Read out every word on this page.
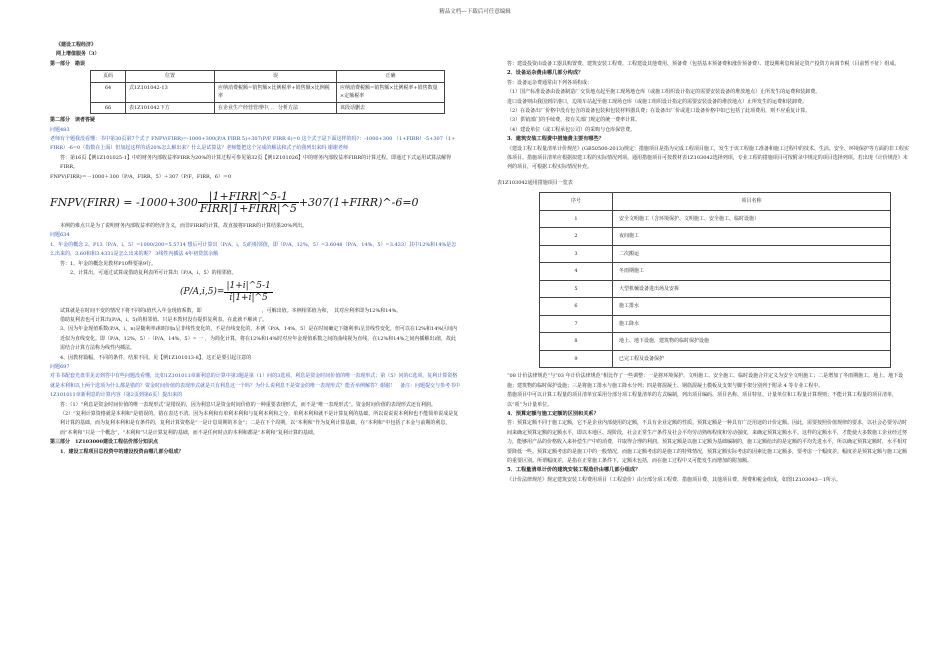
精品文档---下载后可任意编辑

《建设工程经济》

网上增值服务（3）

第一部分　勘误

页码	位置	误	正确
64	式1Z101042-13	应纳消费税额=销售额×比例税率+销售额×比例税率	应纳消费税额=销售额×比例税率+销售数量×定额税率
66	表1Z101042下方	在企业生产经营管理中，．．分析方法	该段话删去

第二部分　读者答疑

问题483

老师有个题我没看懂：书中第30页第7个式子 FNPV(FIRR)=-1000+300(P/A FIRR 5)+307(P/F FIRR 6)=0 这个式子是下面这样的吗?：-1000+300 （1+FIRR）-5+307（1+ FIRR）-6=0（指数在上面）但加起这样的话20%怎么解出来？什么是试算法？老师能把这个完成的解法和式子给我列出来吗 谢谢老师

答：第16页【例1Z101025-1】中的财务内部收益率FIRR为20%的计算过程可参见第32页【例1Z101026】中的财务内部收益率FIRR的计算过程。即通过下式运用试算法解得FIRR。

FNPV(FIRR)＝－1000＋300（P/A，FIRR，5）＋307（P/F，FIRR，6）＝0

FNPV ( FIRR ) = $-1000+300 \frac{\text{|1+FIRR|\textasciicircum{}5-1}}{\text{FIRR|1+FIRR|\textasciicircum{}5}}$ +307(1+FIRR)^-6=0

本例的难点只是为了说明财务内部收益率的经济含义，而非FIRR的计算，故直接将FIRR的计算结果20%列出。

问题634

1、年金的概念 2、P13（P/A，i，5）=1000/200=5.5714 想后可计算出（P/A，i，5)的相邻值，即（P/A，12%，5）=3.6048（P/A，14%，5）=3.433）其中12%和14%是怎么出来的，3.60和和3.4331是怎么出来的呢？ 3线性内插法 4年初贷款余额

答：1、年金的概念见教材P10释要第9行。

2、计算出，可通过试算或借助复利表所可计算出（P/A，i，5）的相邻值。

$(P/A,i,5)= \frac{|1+i|\^{}5-1}{i|1+i|\^{}5}$

试算就是在时间不变的情况下将不同的i值代入年金现值系数，即　　　　　　　　　　　　，可解出值。本例相邻值为和，　其对应利率即为12%和14%。

借助复利表也可计算出(P/A，i，5)的相邻值。只是本教材没有提供复利表。在此就不解读了。

3、因为年金现值系数(P/A，i，n)是随利率i和时间n呈非线性变化的，不是直线变化的，本例（P/A，14%，5）是在时间确定下随利率i呈非线性变化，但可以在12%和14%区间内近似为直线变化。即（P/A，12%，5）-（P/A，14%，5）= 一 ，为简化计算，将在12%和14%时对应年金现值系数之间的曲线视为直线，在12%和14%之间内插解出i值，故此需结合计算方法称为线性内插法。

4、因教材篇幅，不同的条件，结果不同。见【例1Z101013-8】，这正是要引起注意的

问题697

对书书配套光盘里见访到答中有些问题没看懂，比如1Z101011章新利息的计算中第3题是第（1）问的3选项，利息是资金时间价值的唯一表现形式；第（5）问的C选项，复利计算资格就是本利和以上两个选项为什么都是错的？资金时间价值的表现形式就是只有利息这一个吗？为什么说利息不是资金的唯一表现形式？能否举例解答？谢谢！　备注：问题提交与参考书中1Z101011章新利息的计算内容（第2页到第6页）提出来的

答：（1）“利息是资金时间价值的唯一表现形式”是错误的，因为利息只是资金时间价值的一种重要表现形式，而不是“唯一表现形式”。资金时间价值的表现形式还有利润。

（2）“复利计算资格就是本利和”是错误的。错在表达不清。因为本利和有单利本利和与复利本利和之分，单利本利和就不是计算复利的基础，所以说说说本利和也不能简单说成是复利计算的基础，而为复利本利和是有条件的，复利计算资格是“一是计息周期的本金”；二是在下个周期，以“本利和”作为复利计算基础，在“本利和”中包括了本金与前期的利息，而“本利和”只是一个概念”，“本利和”只是计算复利的基础，而不是任何时点的本利和都是“本利和”复利计算的基础。

第三部分　1Z103000建设工程估价部分知识点

1．建设工程项目总投资中的建设投资由哪几部分组成？

答：建设投资由设备工器具购置费、建筑安装工程费、工程建设其他费用、预备费（包括基本预备费和涨价预备费）、建设期利息和固定资产投资方向调节税（目前暂不征）组成。

2．设备运杂费由哪几部分构成？

答：设备运杂费通常由下列各项构成：

（1）国产标准设备由设备制造厂交货地点起至施工现场地仓库（或施工组织设计指定的需要安装设备的堆放地点）止所发生的运费和装卸费。

进口设备则由我国到岸港口，边境车站起至施工现场仓库（或施工组织设计指定的需要安装设备的堆放地点）止所发生的运费和装卸费。

（2）在设备出厂价格中没有包含的设备包装和包装材料器具费；在设备出厂价或进口设备价格中如已包括了此项费用，则不应重复计算。

（3）供销部门的手续费，按有关部门规定的统一费率计算。

（4）建设单位（或工程承包公司）的采购与仓库保管费。

3．建筑安装工程费中措施费主要有哪些？

《建设工程工程量清单计价规范》(GB50500-2013)规定：措施项目是指为完成工程项目施工，发生于该工程施工准备和施工过程中的技术、生活、安全、环境保护等方面的非工程实体项目。措施项目清单应根据拟建工程的实际情况列项。通用措施项目可按教材表1Z103042选择列项，专业工程的措施项目可按附录中规定的项目选择列项。若出现《计价规范》未列的项目，可根据工程实际情况补充。

表1Z103042通用措施项目一览表

序号	项目名称
1	安全文明施工（含环境保护、文明施工、安全施工、临时设施）
2	夜间施工
3	二次搬运
4	冬雨期施工
5	大型机械设备进出场及安拆
6	施工排水
7	施工降水
8	地上、地下设施，建筑物的临时保护设施
9	已完工程及设备保护

“08 计价法律规范”与“03 年计价法律规范”相比作了一些调整：一是将环境保护、文明施工、安全施工、临时设施合并定义为安全文明施工；二是增加了冬雨期施工，地上、地下设施；建筑物的临时保护设施；三是将施工排水与施工降水分列；四是将混凝土、钢筋混凝土模板及支架与脚手架分别列于附录 4 等专业工程中。

措施项目中可以计算工程量的项目清单宜采用分部分项工程量清单的方式编制，列出项目编码、项目名称、项目特征、计量单位和工程量计算规则；不能计算工程量的项目清单，以“项”为计量单位。

4．预算定额与施工定额的区别和关系？

答：预算定额不同于施工定额，它不是企业内部使用的定额，不具有企业定额的性质。预算定额是一种具有广泛用途的计价定额。因此，需要按照价值规律的要求，以社会必要劳动时间来确定预算定额的定额水平，即以本地区、现阶段，社会正常生产条件及社会平均劳动熟练程度和劳动强度，来确定预算定额水平。这样的定额水平，才能使大多数施工企业经过努力，能够用产品的价格收入来补偿生产中的消费，并取得合理的利润。预算定额是以施工定额为基础编制的，施工定额给出的是定额的平均先进水平，所以确定预算定额时，水平相对要降低一些。预算定额考虑的是施工中的一般情况，而施工定额考虑的是施工的特殊情况，预算定额实际考虑的因素比施工定额多，要考虑一个幅度差。幅度差是预算定额与施工定额的重要区别。所谓幅度差，是指在正常施工条件下，定额未包括，而在施工过程中又可能发生而增加的附加额。

5．工程量清单计价的建筑安装工程造价由哪几部分组成？

《计价法律规范》规定建筑安装工程费用项目（工程造价）由分部分项工程费、措施项目费、其他项目费、规费和税金组成，如图1Z103043－1所示。
